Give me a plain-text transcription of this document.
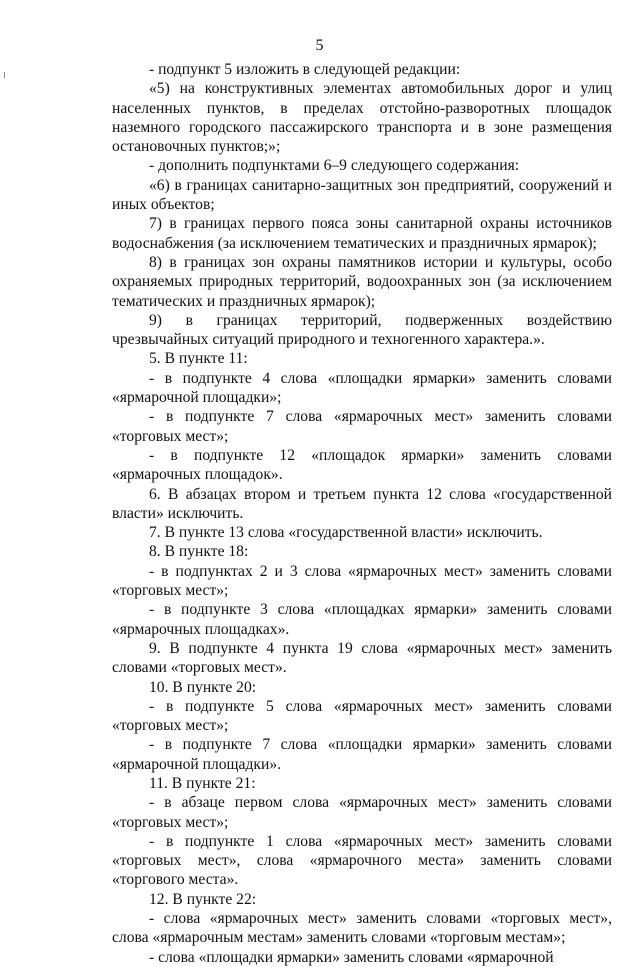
5

- подпункт 5 изложить в следующей редакции:

«5) на конструктивных элементах автомобильных дорог и улиц населенных пунктов, в пределах отстойно-разворотных площадок наземного городского пассажирского транспорта и в зоне размещения остановочных пунктов;»;

- дополнить подпунктами 6–9 следующего содержания:

«6) в границах санитарно-защитных зон предприятий, сооружений и иных объектов;

7) в границах первого пояса зоны санитарной охраны источников водоснабжения (за исключением тематических и праздничных ярмарок);

8) в границах зон охраны памятников истории и культуры, особо охраняемых природных территорий, водоохранных зон (за исключением тематических и праздничных ярмарок);

9) в границах территорий, подверженных воздействию чрезвычайных ситуаций природного и техногенного характера.».

5. В пункте 11:

- в подпункте 4 слова «площадки ярмарки» заменить словами «ярмарочной площадки»;

- в подпункте 7 слова «ярмарочных мест» заменить словами «торговых мест»;

- в подпункте 12 «площадок ярмарки» заменить словами «ярмарочных площадок».

6. В абзацах втором и третьем пункта 12 слова «государственной власти» исключить.

7. В пункте 13 слова «государственной власти» исключить.

8. В пункте 18:

- в подпунктах 2 и 3 слова «ярмарочных мест» заменить словами «торговых мест»;

- в подпункте 3 слова «площадках ярмарки» заменить словами «ярмарочных площадках».

9. В подпункте 4 пункта 19 слова «ярмарочных мест» заменить словами «торговых мест».

10. В пункте 20:

- в подпункте 5 слова «ярмарочных мест» заменить словами «торговых мест»;

- в подпункте 7 слова «площадки ярмарки» заменить словами «ярмарочной площадки».

11. В пункте 21:

- в абзаце первом слова «ярмарочных мест» заменить словами «торговых мест»;

- в подпункте 1 слова «ярмарочных мест» заменить словами «торговых мест», слова «ярмарочного места» заменить словами «торгового места».

12. В пункте 22:

- слова «ярмарочных мест» заменить словами «торговых мест», слова «ярмарочным местам» заменить словами «торговым местам»;

- слова «площадки ярмарки» заменить словами «ярмарочной
